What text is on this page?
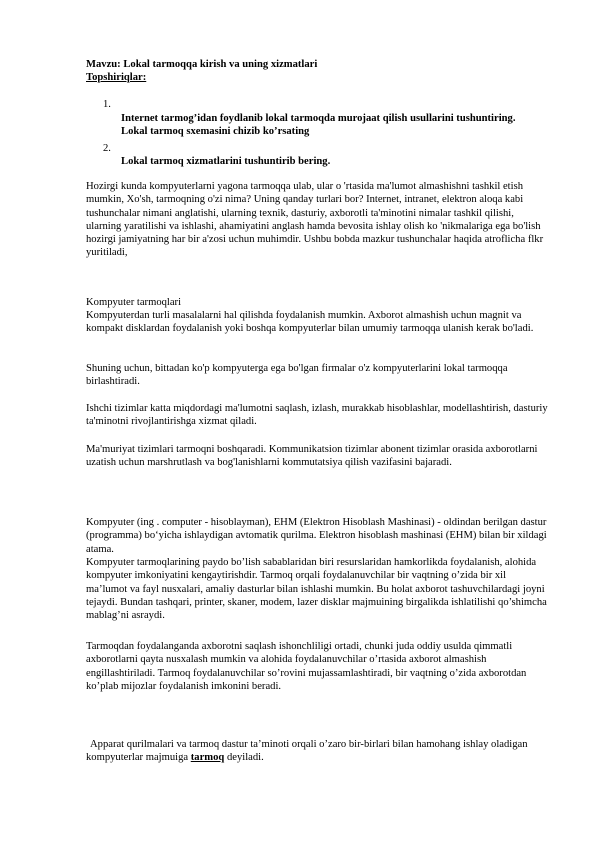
Mavzu: Lokal tarmoqqa kirish va uning xizmatlari
Topshiriqlar:
1.
Internet tarmog’idan foydlanib lokal tarmoqda murojaat qilish usullarini tushuntiring. Lokal tarmoq sxemasini chizib ko’rsating
2.
Lokal tarmoq xizmatlarini tushuntirib bering.
Hozirgi kunda kompyuterlarni yagona tarmoqqa ulab, ular o 'rtasida ma'lumot almashishni tashkil etish mumkin, Xo'sh, tarmoqning o'zi nima? Uning qanday turlari bor? Internet, intranet, elektron aloqa kabi tushunchalar nimani anglatishi, ularning texnik, dasturiy, axborotli ta'minotini nimalar tashkil qilishi, ularning yaratilishi va ishlashi, ahamiyatini anglash hamda bevosita ishlay olish ko 'nikmalariga ega bo'lish hozirgi jamiyatning har bir a'zosi uchun muhimdir. Ushbu bobda mazkur tushunchalar haqida atroflicha flkr yuritiladi,
Kompyuter tarmoqlari
Kompyuterdan turli masalalarni hal qilishda foydalanish mumkin. Axborot almashish uchun magnit va kompakt disklardan foydalanish yoki boshqa kompyuterlar bilan umumiy tarmoqqa ulanish kerak bo'ladi.
Shuning uchun, bittadan ko'p kompyuterga ega bo'lgan firmalar o'z kompyuterlarini lokal tarmoqqa birlashtiradi.
Ishchi tizimlar katta miqdordagi ma'lumotni saqlash, izlash, murakkab hisoblashlar, modellashtirish, dasturiy ta'minotni rivojlantirishga xizmat qiladi.
Ma'muriyat tizimlari tarmoqni boshqaradi. Kommunikatsion tizimlar abonent tizimlar orasida axborotlarni uzatish uchun marshrutlash va bog'lanishlarni kommutatsiya qilish vazifasini bajaradi.
Kompyuter (ing . computer - hisoblayman), EHM (Elektron Hisoblash Mashinasi) - oldindan berilgan dastur (programma) bo‘yicha ishlaydigan avtomatik qurilma. Elektron hisoblash mashinasi (EHM) bilan bir xildagi atama.
Kompyuter tarmoqlarining paydo bo’lish sabablaridan biri resurslaridan hamkorlikda foydalanish, alohida kompyuter imkoniyatini kengaytirishdir. Tarmoq orqali foydalanuvchilar bir vaqtning o’zida bir xil ma’lumot va fayl nusxalari, amaliy dasturlar bilan ishlashi mumkin. Bu holat axborot tashuvchilardagi joyni tejaydi. Bundan tashqari, printer, skaner, modem, lazer disklar majmuining birgalikda ishlatilishi qo’shimcha mablag’ni asraydi.
Tarmoqdan foydalanganda axborotni saqlash ishonchliligi ortadi, chunki juda oddiy usulda qimmatli axborotlarni qayta nusxalash mumkin va alohida foydalanuvchilar o’rtasida axborot almashish engillashtiriladi. Tarmoq foydalanuvchilar so’rovini mujassamlashtiradi, bir vaqtning o’zida axborotdan ko’plab mijozlar foydalanish imkonini beradi.
Apparat qurilmalari va tarmoq dastur ta’minoti orqali o’zaro bir-birlari bilan hamohang ishlay oladigan kompyuterlar majmuiga tarmoq deyiladi.
